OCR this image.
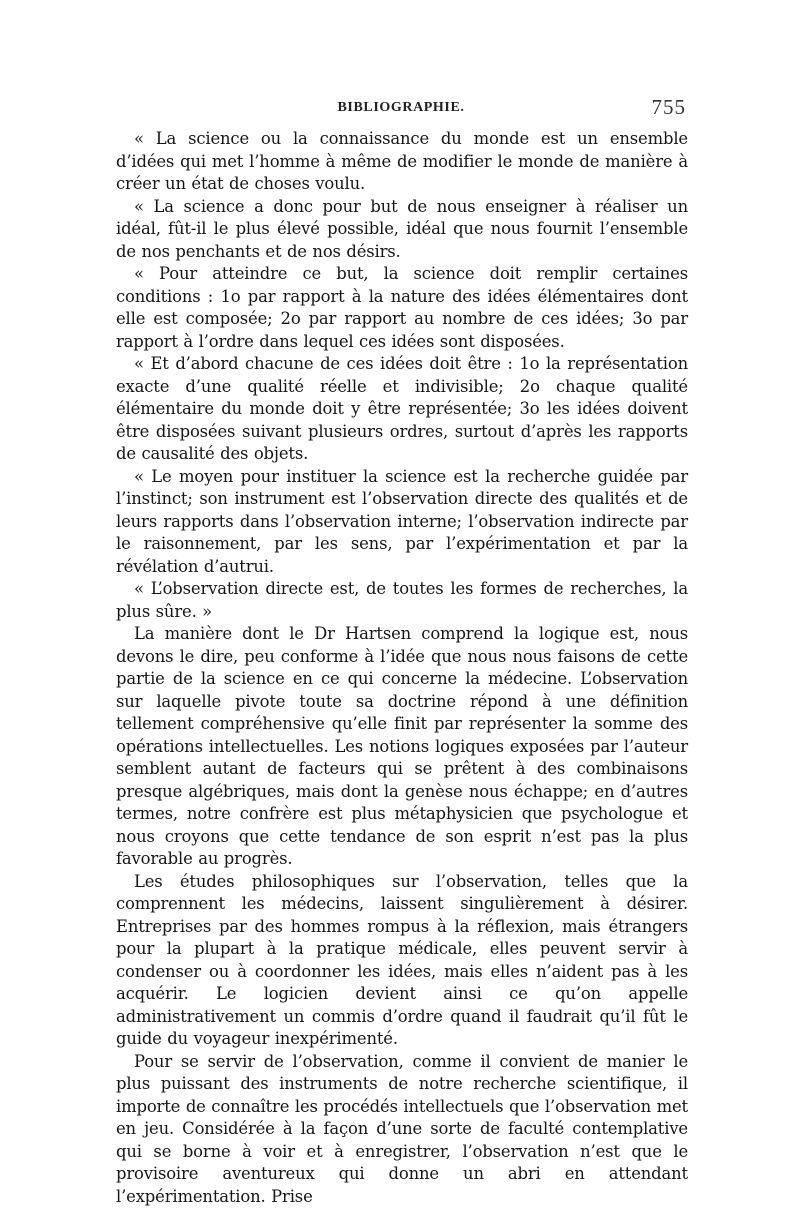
BIBLIOGRAPHIE.	755

« La science ou la connaissance du monde est un ensemble d’idées qui met l’homme à même de modifier le monde de manière à créer un état de choses voulu.

« La science a donc pour but de nous enseigner à réaliser un idéal, fût-il le plus élevé possible, idéal que nous fournit l’ensemble de nos penchants et de nos désirs.

« Pour atteindre ce but, la science doit remplir certaines conditions : 1o par rapport à la nature des idées élémentaires dont elle est composée; 2o par rapport au nombre de ces idées; 3o par rapport à l’ordre dans lequel ces idées sont disposées.

« Et d’abord chacune de ces idées doit être : 1o la représentation exacte d’une qualité réelle et indivisible; 2o chaque qualité élémentaire du monde doit y être représentée; 3o les idées doivent être disposées suivant plusieurs ordres, surtout d’après les rapports de causalité des objets.

« Le moyen pour instituer la science est la recherche guidée par l’instinct; son instrument est l’observation directe des qualités et de leurs rapports dans l’observation interne; l’observation indirecte par le raisonnement, par les sens, par l’expérimentation et par la révélation d’autrui.

« L’observation directe est, de toutes les formes de recherches, la plus sûre. »

La manière dont le Dr Hartsen comprend la logique est, nous devons le dire, peu conforme à l’idée que nous nous faisons de cette partie de la science en ce qui concerne la médecine. L’observation sur laquelle pivote toute sa doctrine répond à une définition tellement compréhensive qu’elle finit par représenter la somme des opérations intellectuelles. Les notions logiques exposées par l’auteur semblent autant de facteurs qui se prêtent à des combinaisons presque algébriques, mais dont la genèse nous échappe; en d’autres termes, notre confrère est plus métaphysicien que psychologue et nous croyons que cette tendance de son esprit n’est pas la plus favorable au progrès.

Les études philosophiques sur l’observation, telles que la comprennent les médecins, laissent singulièrement à désirer. Entreprises par des hommes rompus à la réflexion, mais étrangers pour la plupart à la pratique médicale, elles peuvent servir à condenser ou à coordonner les idées, mais elles n’aident pas à les acquérir. Le logicien devient ainsi ce qu’on appelle administrativement un commis d’ordre quand il faudrait qu’il fût le guide du voyageur inexpérimenté.

Pour se servir de l’observation, comme il convient de manier le plus puissant des instruments de notre recherche scientifique, il importe de connaître les procédés intellectuels que l’observation met en jeu. Considérée à la façon d’une sorte de faculté contemplative qui se borne à voir et à enregistrer, l’observation n’est que le provisoire aventureux qui donne un abri en attendant l’expérimentation. Prise
